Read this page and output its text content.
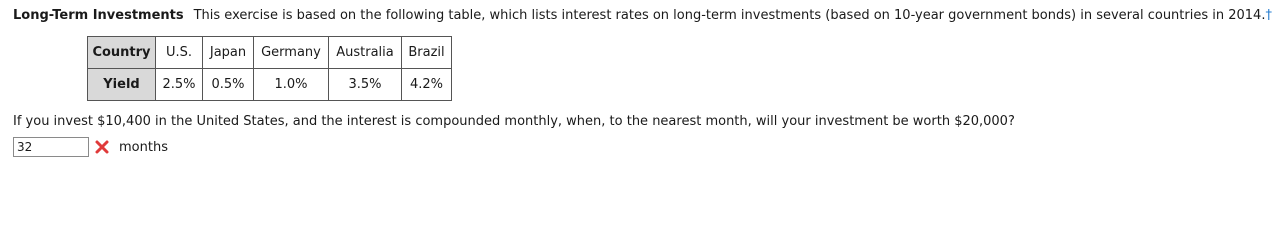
Long-Term Investments This exercise is based on the following table, which lists interest rates on long-term investments (based on 10-year government bonds) in several countries in 2014.†
Country	U.S.	Japan	Germany	Australia	Brazil
Yield	2.5%	0.5%	1.0%	3.5%	4.2%
If you invest $10,400 in the United States, and the interest is compounded monthly, when, to the nearest month, will your investment be worth $20,000?
32
months
